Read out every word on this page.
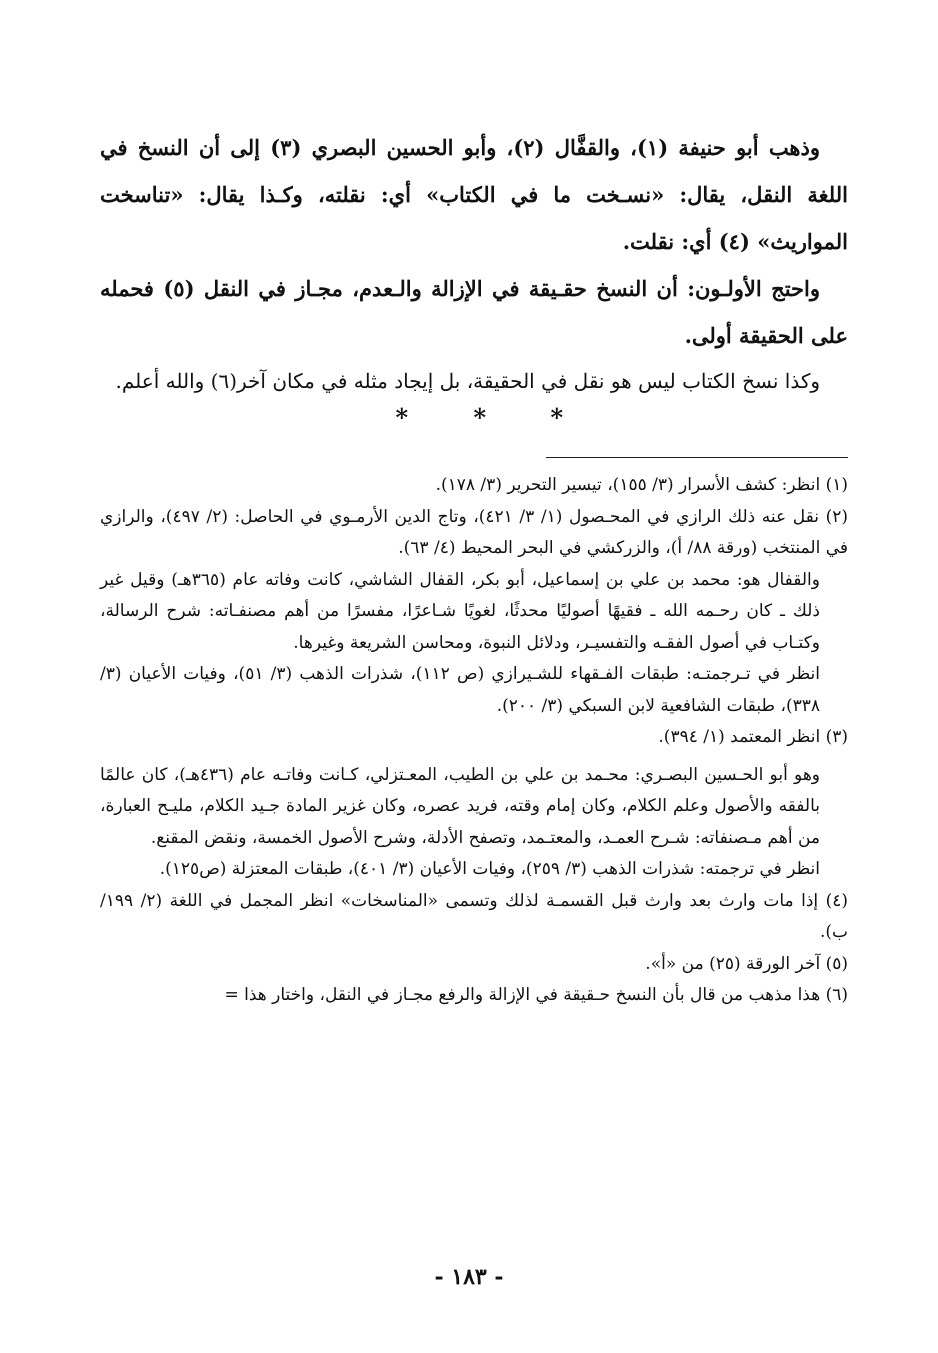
وذهب أبو حنيفة (١)، والقفَّال (٢)، وأبو الحسين البصري (٣) إلى أن النسخ في اللغة النقل، يقال: «نسـخت ما في الكتاب» أي: نقلته، وكـذا يقال: «تناسخت المواريث» (٤) أي: نقلت.

واحتج الأولـون: أن النسخ حقـيقة في الإزالة والـعدم، مجـاز في النقل (٥) فحمله على الحقيقة أولى.

وكذا نسخ الكتاب ليس هو نقل في الحقيقة، بل إيجاد مثله في مكان آخر(٦) والله أعلم.

*
*
*

(١) انظر: كشف الأسرار (٣/ ١٥٥)، تيسير التحرير (٣/ ١٧٨).

(٢) نقل عنه ذلك الرازي في المحـصول (١/ ٣/ ٤٢١)، وتاج الدين الأرمـوي في الحاصل: (٢/ ٤٩٧)، والرازي في المنتخب (ورقة ٨٨/ أ)، والزركشي في البحر المحيط (٤/ ٦٣).

والقفال هو: محمد بن علي بن إسماعيل، أبو بكر، القفال الشاشي، كانت وفاته عام (٣٦٥هـ) وقيل غير ذلك ـ كان رحـمه الله ـ فقيهًا أصوليًا محدثًا، لغويًا شـاعرًا، مفسرًا من أهم مصنفـاته: شرح الرسالة، وكتـاب في أصول الفقـه والتفسيـر، ودلائل النبوة، ومحاسن الشريعة وغيرها.

انظر في تـرجمتـه: طبقات الفـقهاء للشـيرازي (ص ١١٢)، شذرات الذهب (٣/ ٥١)، وفيات الأعيان (٣/ ٣٣٨)، طبقات الشافعية لابن السبكي (٣/ ٢٠٠).

(٣) انظر المعتمد (١/ ٣٩٤).

وهو أبو الحـسين البصـري: محـمد بن علي بن الطيب، المعـتزلي، كـانت وفاتـه عام (٤٣٦هـ)، كان عالمًا بالفقه والأصول وعلم الكلام، وكان إمام وقته، فريد عصره، وكان غزير المادة جـيد الكلام، مليـح العبارة، من أهم مـصنفاته: شـرح العمـد، والمعتـمد، وتصفح الأدلة، وشرح الأصول الخمسة، ونقض المقنع.

انظر في ترجمته: شذرات الذهب (٣/ ٢٥٩)، وفيات الأعيان (٣/ ٤٠١)، طبقات المعتزلة (ص١٢٥).

(٤) إذا مات وارث بعد وارث قبل القسمـة لذلك وتسمى «المناسخات» انظر المجمل في اللغة (٢/ ١٩٩/ ب).

(٥) آخر الورقة (٢٥) من «أ».

(٦) هذا مذهب من قال بأن النسخ حـقيقة في الإزالة والرفع مجـاز في النقل، واختار هذا =

- ١٨٣ -
